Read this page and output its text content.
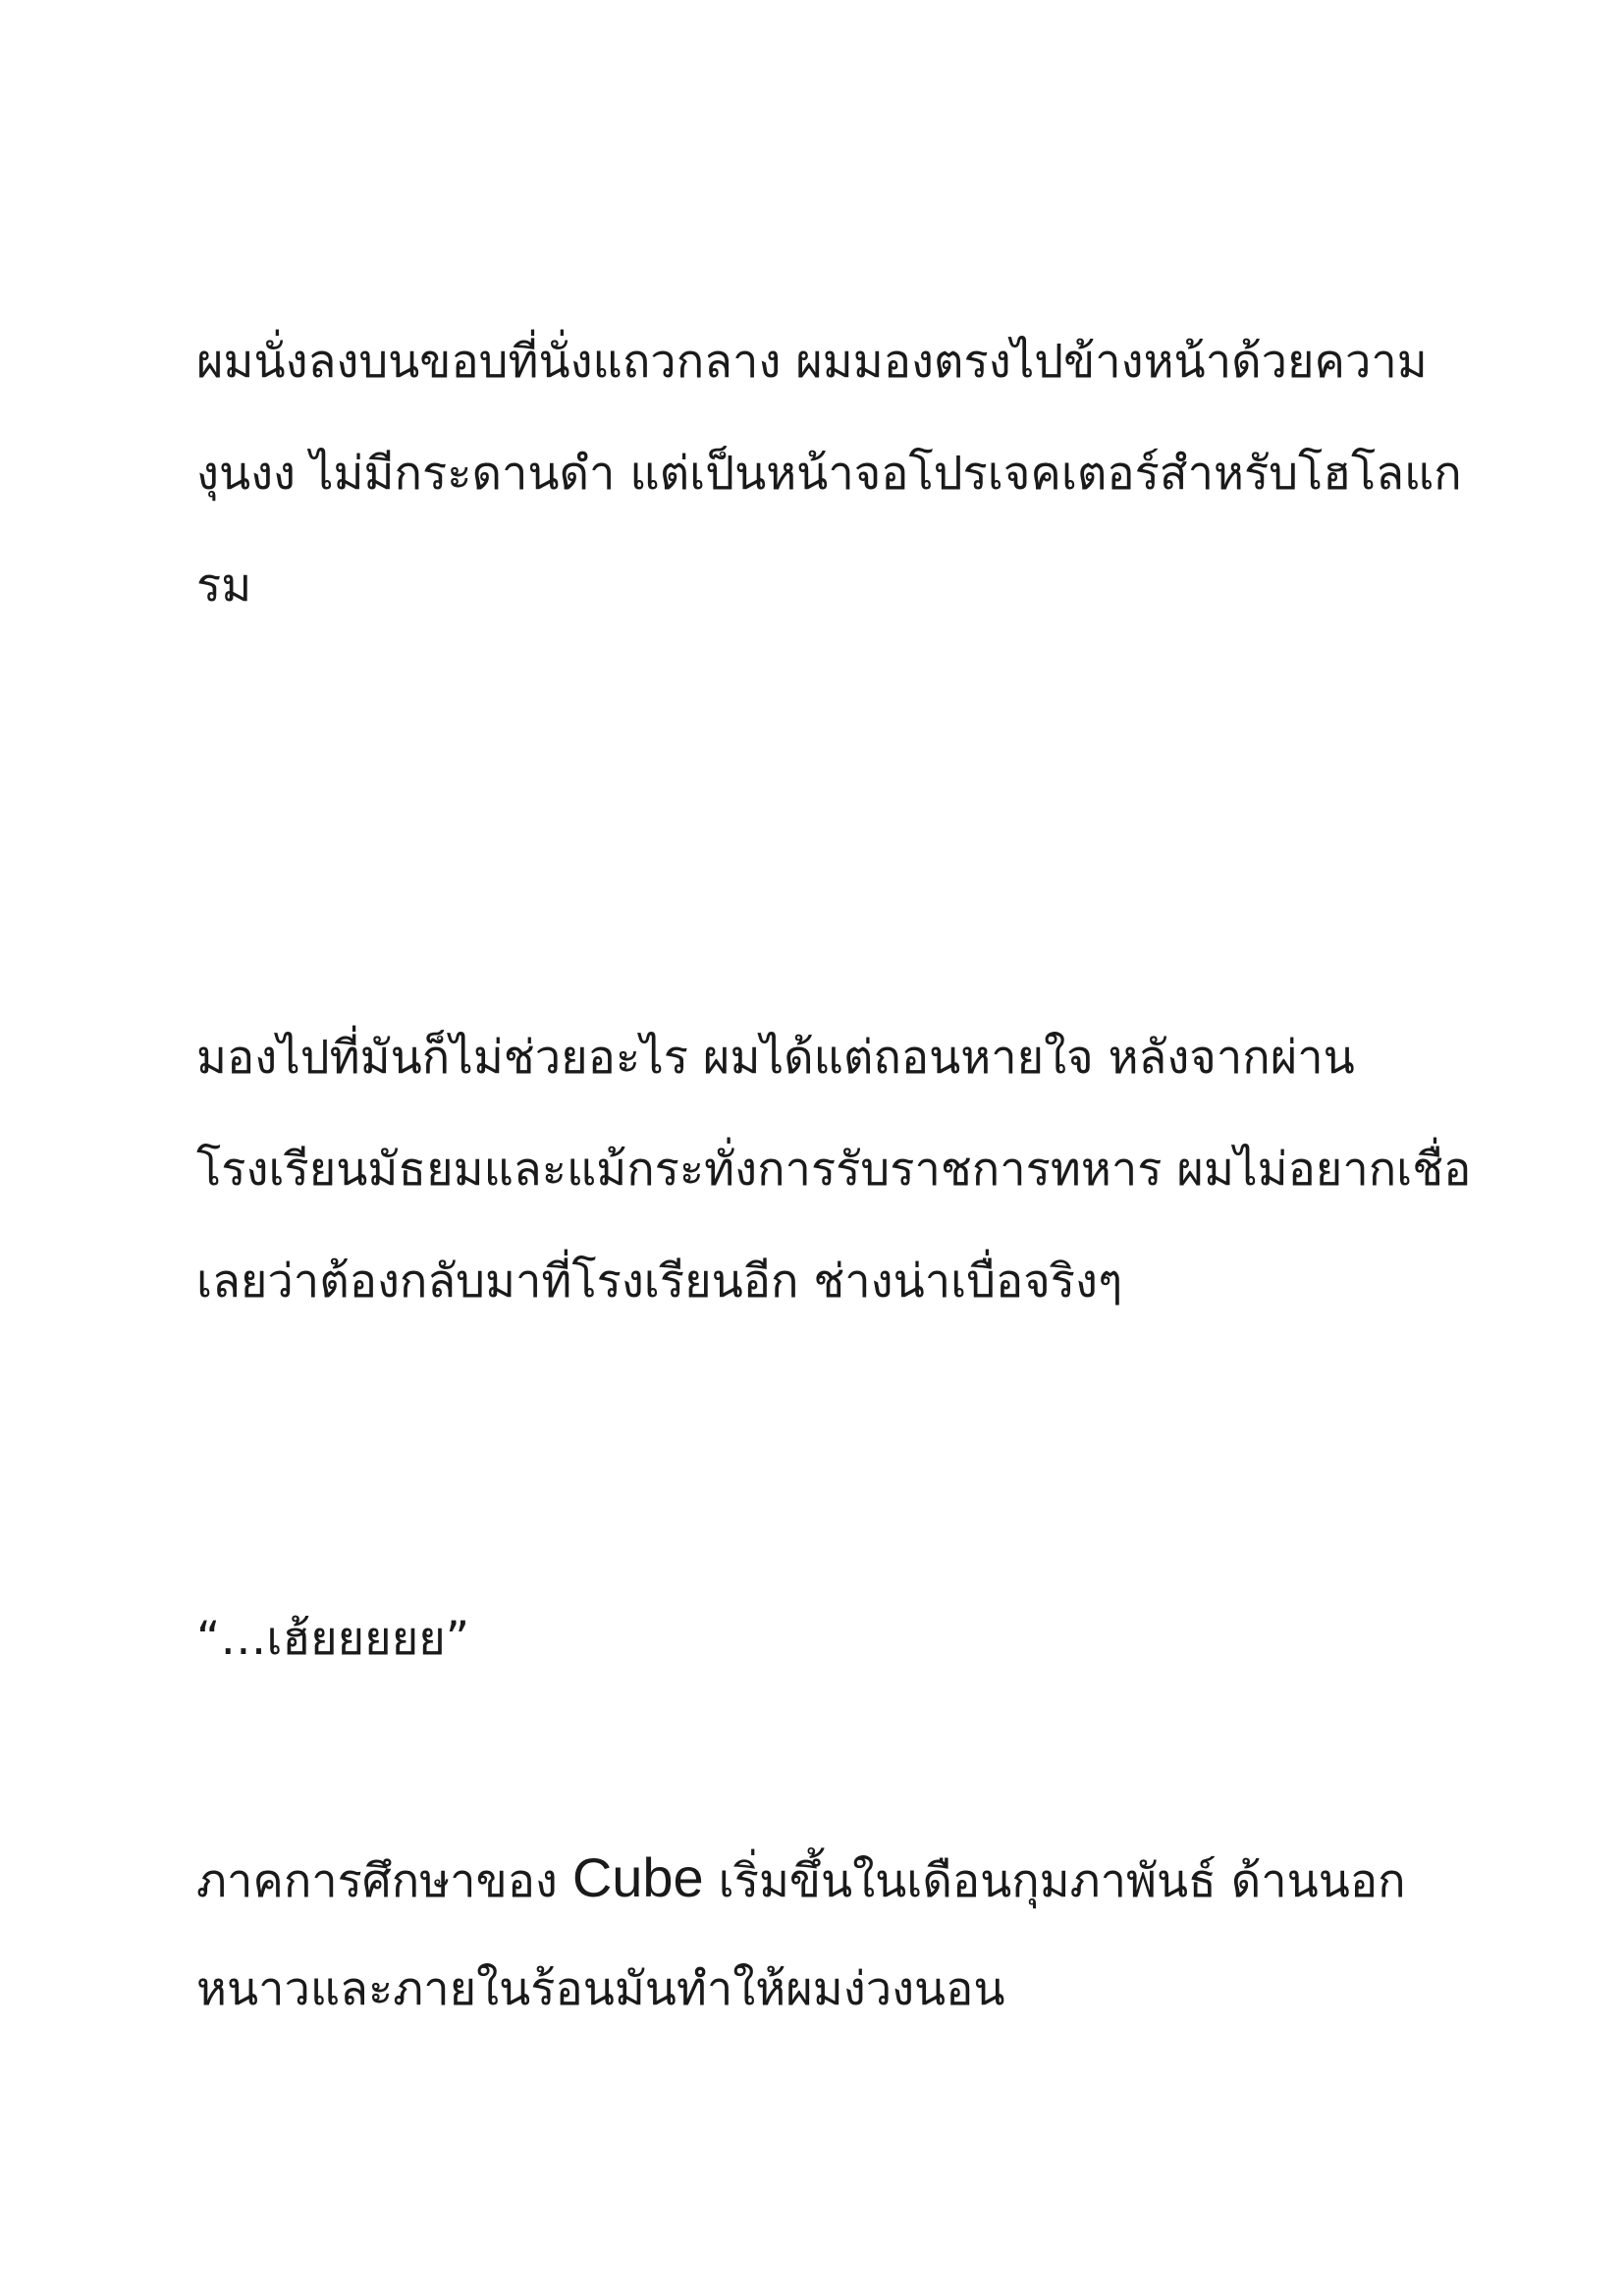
ผมนั่งลงบนขอบที่นั่งแถวกลาง ผมมองตรงไปข้างหน้าด้วยความ
งุนงง ไม่มีกระดานดำ แต่เป็นหน้าจอโปรเจคเตอร์สำหรับโฮโลแก
รม
มองไปที่มันก็ไม่ช่วยอะไร ผมได้แต่ถอนหายใจ หลังจากผ่าน
โรงเรียนมัธยมและแม้กระทั่งการรับราชการทหาร ผมไม่อยากเชื่อ
เลยว่าต้องกลับมาที่โรงเรียนอีก ช่างน่าเบื่อจริงๆ
“…เฮ้ยยยยย”
ภาคการศึกษาของ Cube เริ่มขึ้นในเดือนกุมภาพันธ์ ด้านนอก
หนาวและภายในร้อนมันทำให้ผมง่วงนอน
